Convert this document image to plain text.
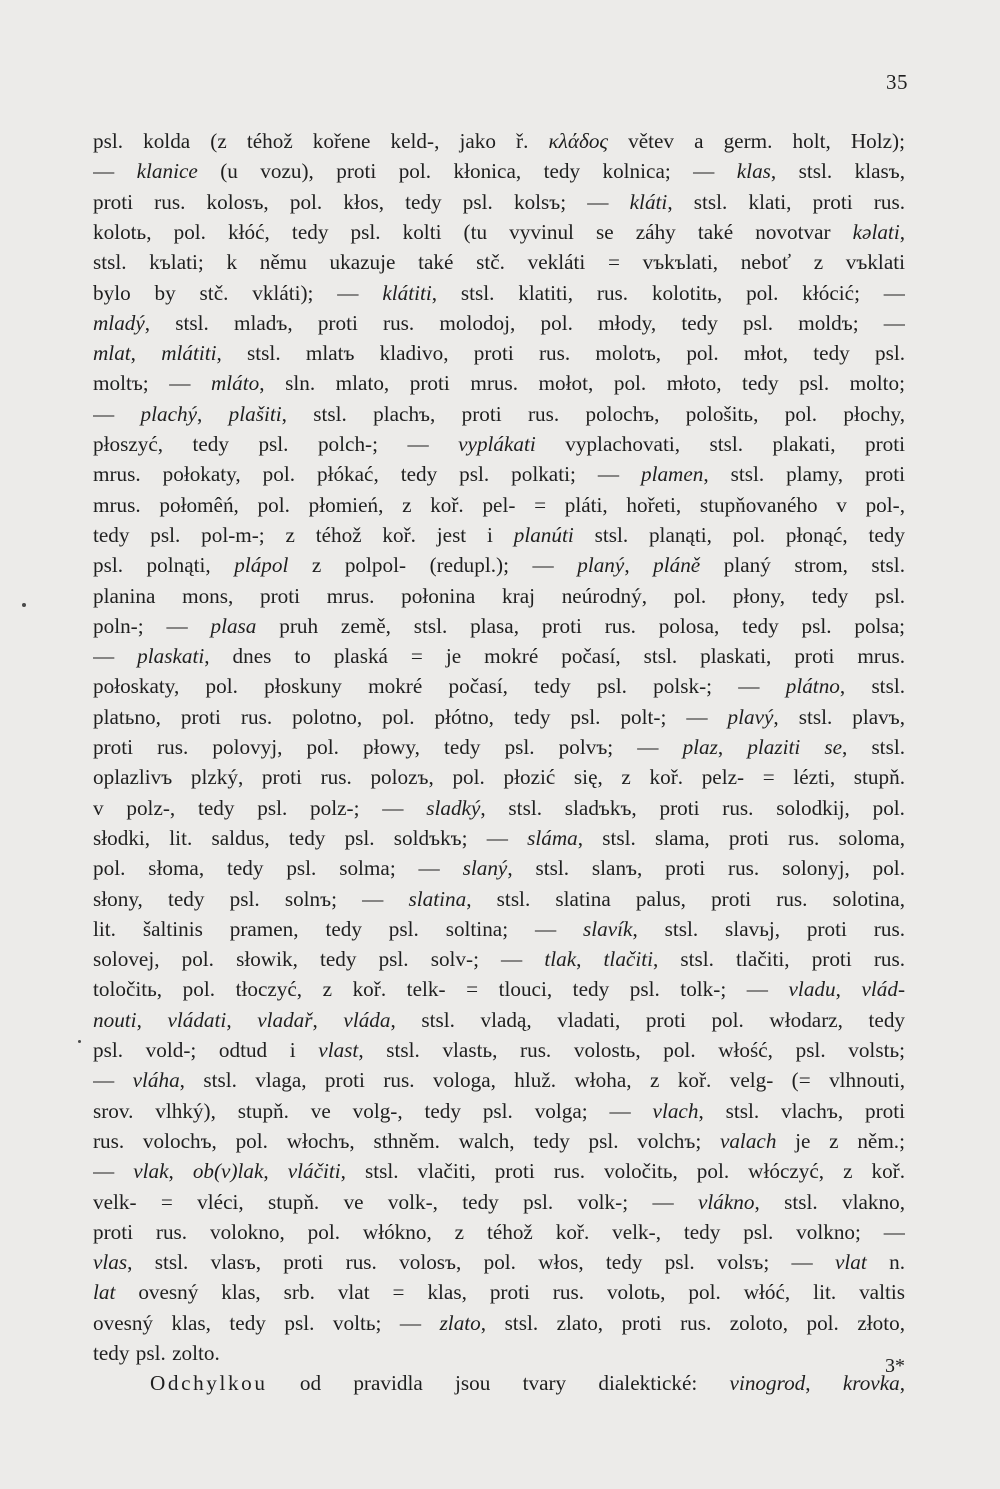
35
psl. kolda (z téhož kořene keld-, jako ř. κλάδος větev a germ. holt, Holz);
— klanice (u vozu), proti pol. kłonica, tedy kolnica; — klas, stsl. klasъ,
proti rus. kolosъ, pol. kłos, tedy psl. kolsъ; — kláti, stsl. klati, proti rus.
kolotь, pol. kłóć, tedy psl. kolti (tu vyvinul se záhy také novotvar kəlati,
stsl. kъlati; k němu ukazuje také stč. vekláti = vъkъlati, neboť z vъklati
bylo by stč. vkláti); — klátiti, stsl. klatiti, rus. kolotitь, pol. kłócić; —
mladý, stsl. mladъ, proti rus. molodoj, pol. młody, tedy psl. moldъ; —
mlat, mlátiti, stsl. mlatъ kladivo, proti rus. molotъ, pol. młot, tedy psl.
moltъ; — mláto, sln. mlato, proti mrus. mołot, pol. młoto, tedy psl. molto;
— plachý, plašiti, stsl. plachъ, proti rus. polochъ, pološitь, pol. płochy,
płoszyć, tedy psl. polch-; — vyplákati vyplachovati, stsl. plakati, proti
mrus. połokaty, pol. płókać, tedy psl. polkati; — plamen, stsl. plamy, proti
mrus. połomêń, pol. płomień, z koř. pel- = pláti, hořeti, stupňovaného v pol-,
tedy psl. pol-m-; z téhož koř. jest i planúti stsl. planąti, pol. płonąć, tedy
psl. polnąti, plápol z polpol- (redupl.); — planý, pláně planý strom, stsl.
planina mons, proti mrus. połonina kraj neúrodný, pol. płony, tedy psl.
poln-; — plasa pruh země, stsl. plasa, proti rus. polosa, tedy psl. polsa;
— plaskati, dnes to plaská = je mokré počasí, stsl. plaskati, proti mrus.
połoskaty, pol. płoskuny mokré počasí, tedy psl. polsk-; — plátno, stsl.
platьno, proti rus. polotno, pol. płótno, tedy psl. polt-; — plavý, stsl. plavъ,
proti rus. polovyj, pol. płowy, tedy psl. polvъ; — plaz, plaziti se, stsl.
oplazlivъ plzký, proti rus. polozъ, pol. płozić się, z koř. pelz- = lézti, stupň.
v polz-, tedy psl. polz-; — sladký, stsl. sladъkъ, proti rus. solodkij, pol.
słodki, lit. saldus, tedy psl. soldъkъ; — sláma, stsl. slama, proti rus. soloma,
pol. słoma, tedy psl. solma; — slaný, stsl. slanъ, proti rus. solonyj, pol.
słony, tedy psl. solnъ; — slatina, stsl. slatina palus, proti rus. solotina,
lit. šaltinis pramen, tedy psl. soltina; — slavík, stsl. slavьj, proti rus.
solovej, pol. słowik, tedy psl. solv-; — tlak, tlačiti, stsl. tlačiti, proti rus.
toločitь, pol. tłoczyć, z koř. telk- = tlouci, tedy psl. tolk-; — vladu, vlád-
nouti, vládati, vladař, vláda, stsl. vladą, vladati, proti pol. włodarz, tedy
psl. vold-; odtud i vlast, stsl. vlastь, rus. volostь, pol. włość, psl. volstь;
— vláha, stsl. vlaga, proti rus. vologa, hluž. włoha, z koř. velg- (= vlhnouti,
srov. vlhký), stupň. ve volg-, tedy psl. volga; — vlach, stsl. vlachъ, proti
rus. volochъ, pol. włochъ, sthněm. walch, tedy psl. volchъ; valach je z něm.;
— vlak, ob(v)lak, vláčiti, stsl. vlačiti, proti rus. voločitь, pol. włóczyć, z koř.
velk- = vléci, stupň. ve volk-, tedy psl. volk-; — vlákno, stsl. vlakno,
proti rus. volokno, pol. włókno, z téhož koř. velk-, tedy psl. volkno; —
vlas, stsl. vlasъ, proti rus. volosъ, pol. włos, tedy psl. volsъ; — vlat n.
lat ovesný klas, srb. vlat = klas, proti rus. volotь, pol. włóć, lit. valtis
ovesný klas, tedy psl. voltь; — zlato, stsl. zlato, proti rus. zoloto, pol. złoto,
tedy psl. zolto.
Odchylkou od pravidla jsou tvary dialektické: vinogrod, krovka,
3*
